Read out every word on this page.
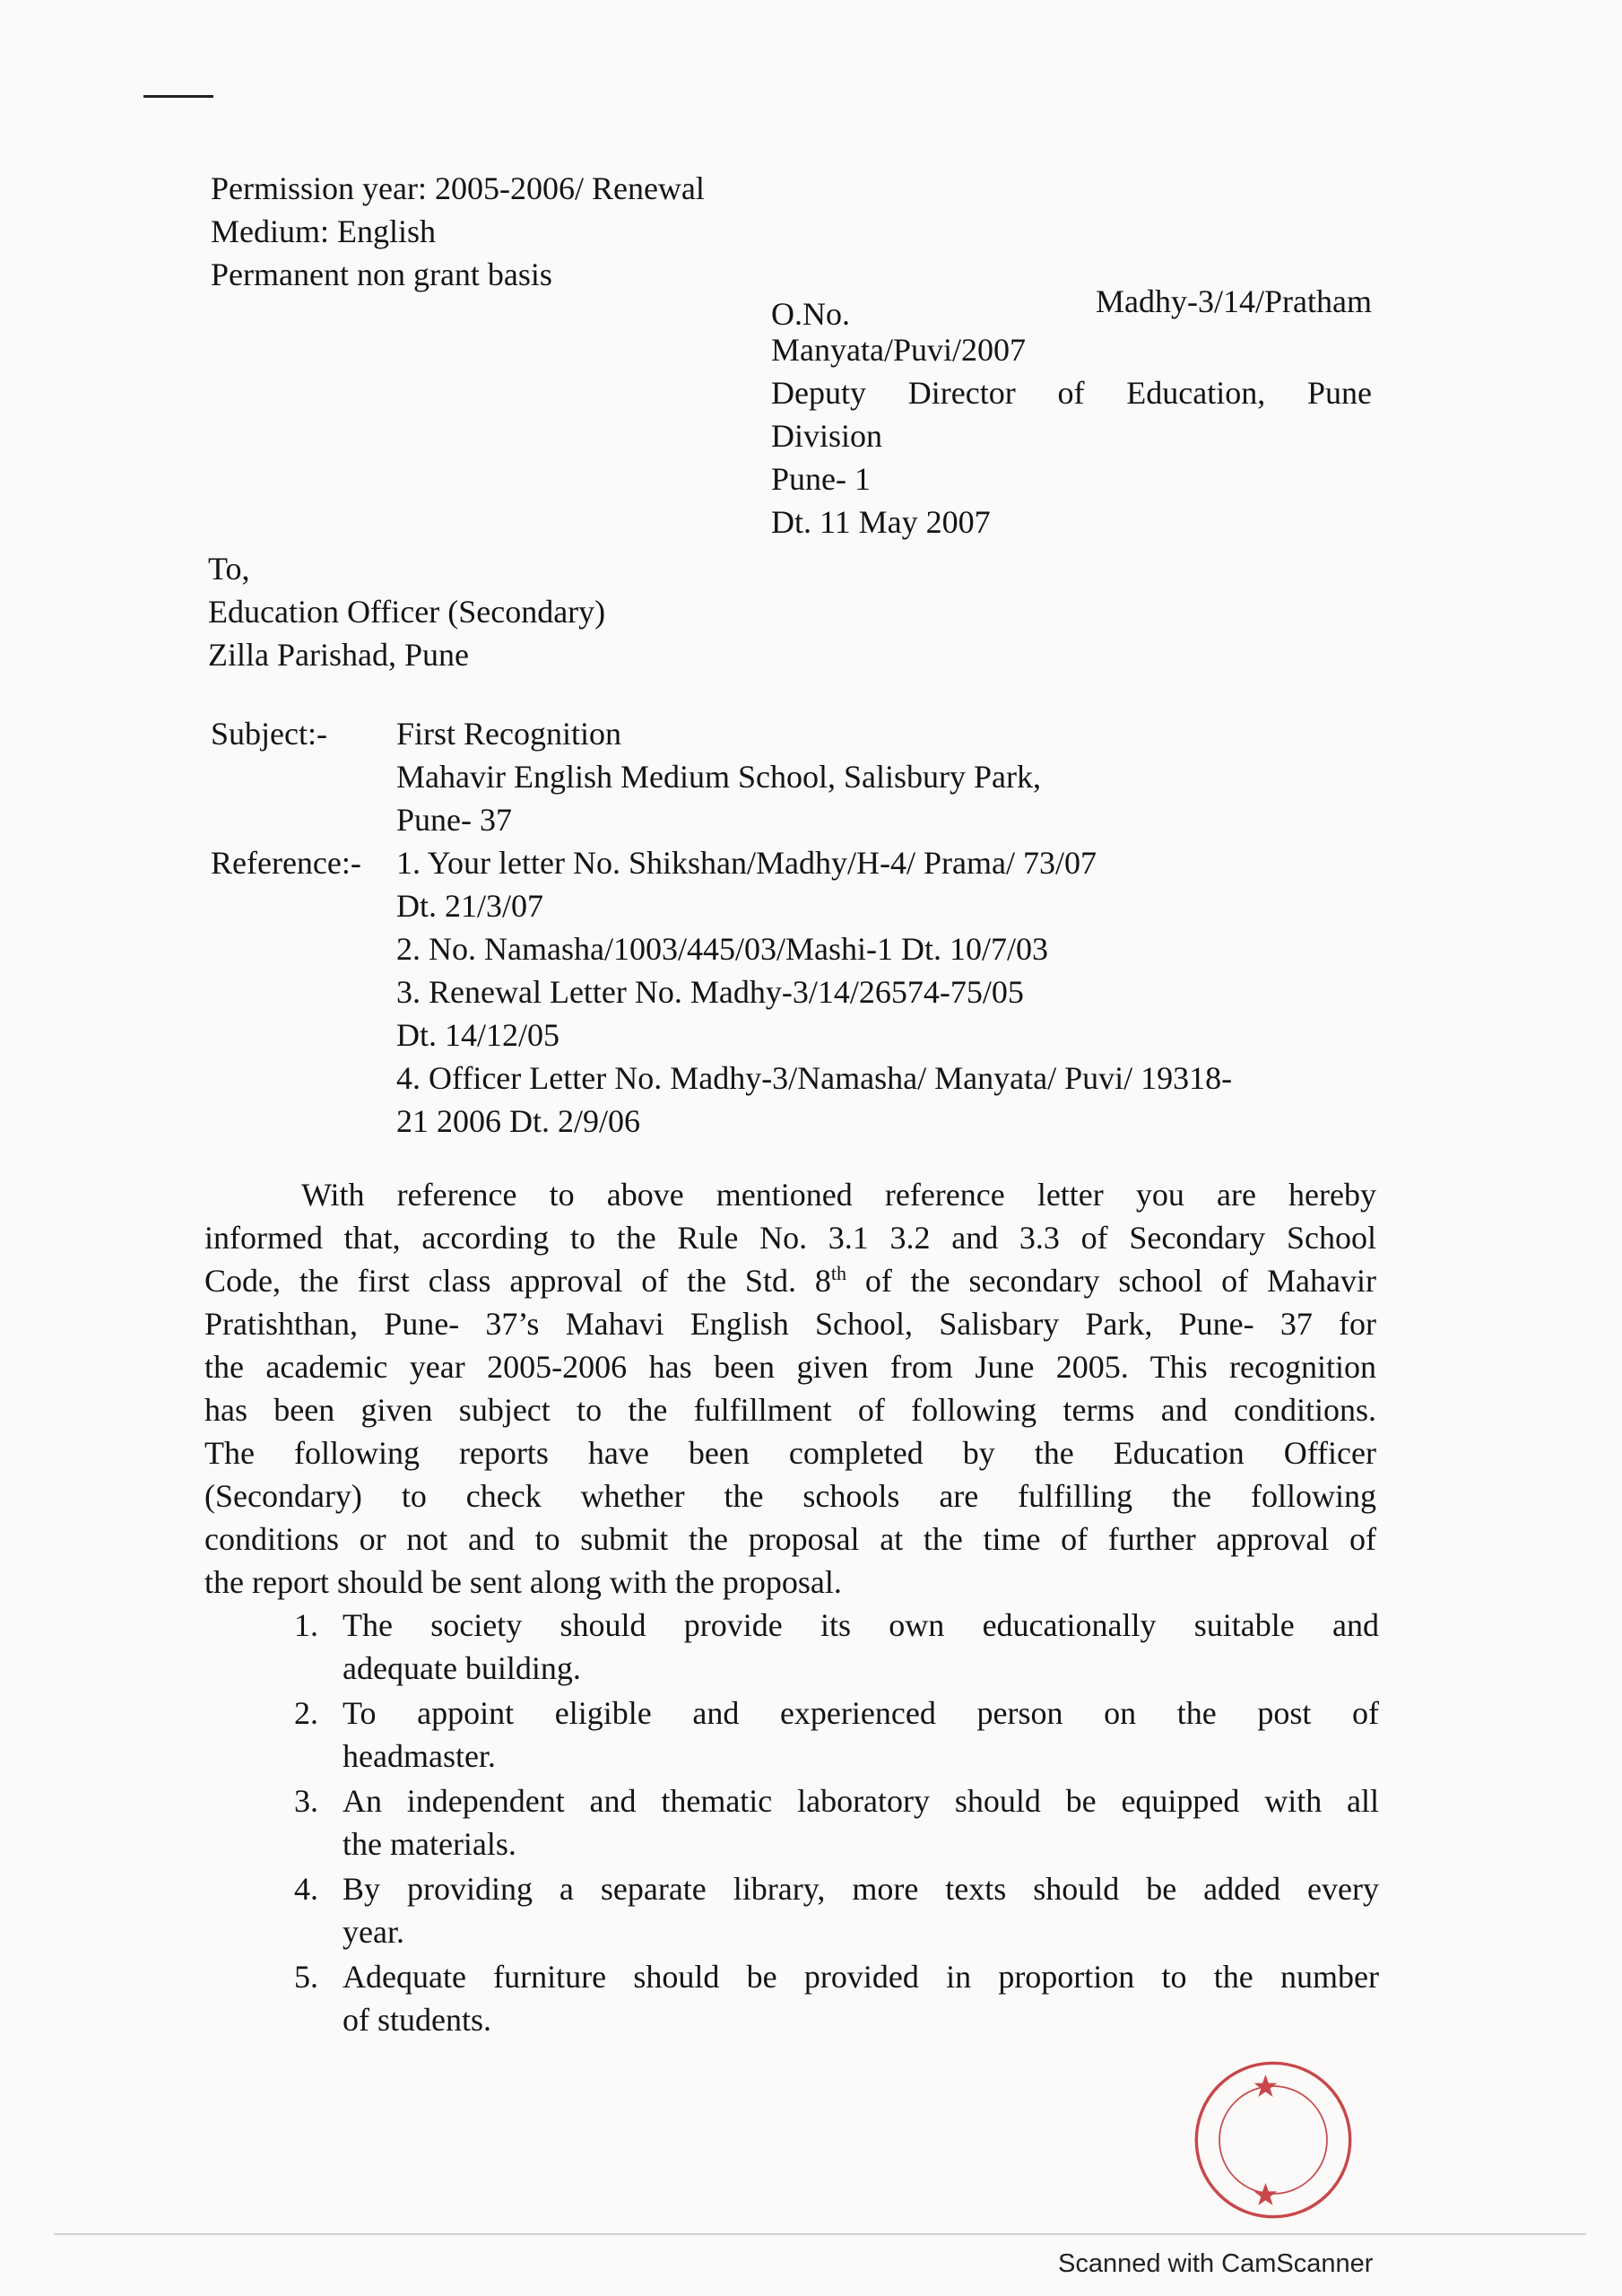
Permission year: 2005-2006/ Renewal
Medium: English
Permanent non grant basis
O.No.	Madhy-3/14/Pratham
Manyata/Puvi/2007
Deputy Director of Education, Pune
Division
Pune- 1
Dt. 11 May 2007
To,
Education Officer (Secondary)
Zilla Parishad, Pune
Subject:-	First Recognition
Mahavir English Medium School, Salisbury Park,
Pune- 37
Reference:-	1. Your letter No. Shikshan/Madhy/H-4/ Prama/ 73/07
Dt. 21/3/07
2. No. Namasha/1003/445/03/Mashi-1 Dt. 10/7/03
3. Renewal Letter No. Madhy-3/14/26574-75/05
Dt. 14/12/05
4. Officer Letter No. Madhy-3/Namasha/ Manyata/ Puvi/ 19318-
21 2006 Dt. 2/9/06
With reference to above mentioned reference letter you are hereby
informed that, according to the Rule No. 3.1 3.2 and 3.3 of Secondary School
Code, the first class approval of the Std. 8th of the secondary school of Mahavir
Pratishthan, Pune- 37’s Mahavi English School, Salisbary Park, Pune- 37 for
the academic year 2005-2006 has been given from June 2005. This recognition
has been given subject to the fulfillment of following terms and conditions.
The following reports have been completed by the Education Officer
(Secondary) to check whether the schools are fulfilling the following
conditions or not and to submit the proposal at the time of further approval of
the report should be sent along with the proposal.
1. The society should provide its own educationally suitable and
adequate building.
2. To appoint eligible and experienced person on the post of
headmaster.
3. An independent and thematic laboratory should be equipped with all
the materials.
4. By providing a separate library, more texts should be added every
year.
5. Adequate furniture should be provided in proportion to the number
of students.
Scanned with CamScanner
